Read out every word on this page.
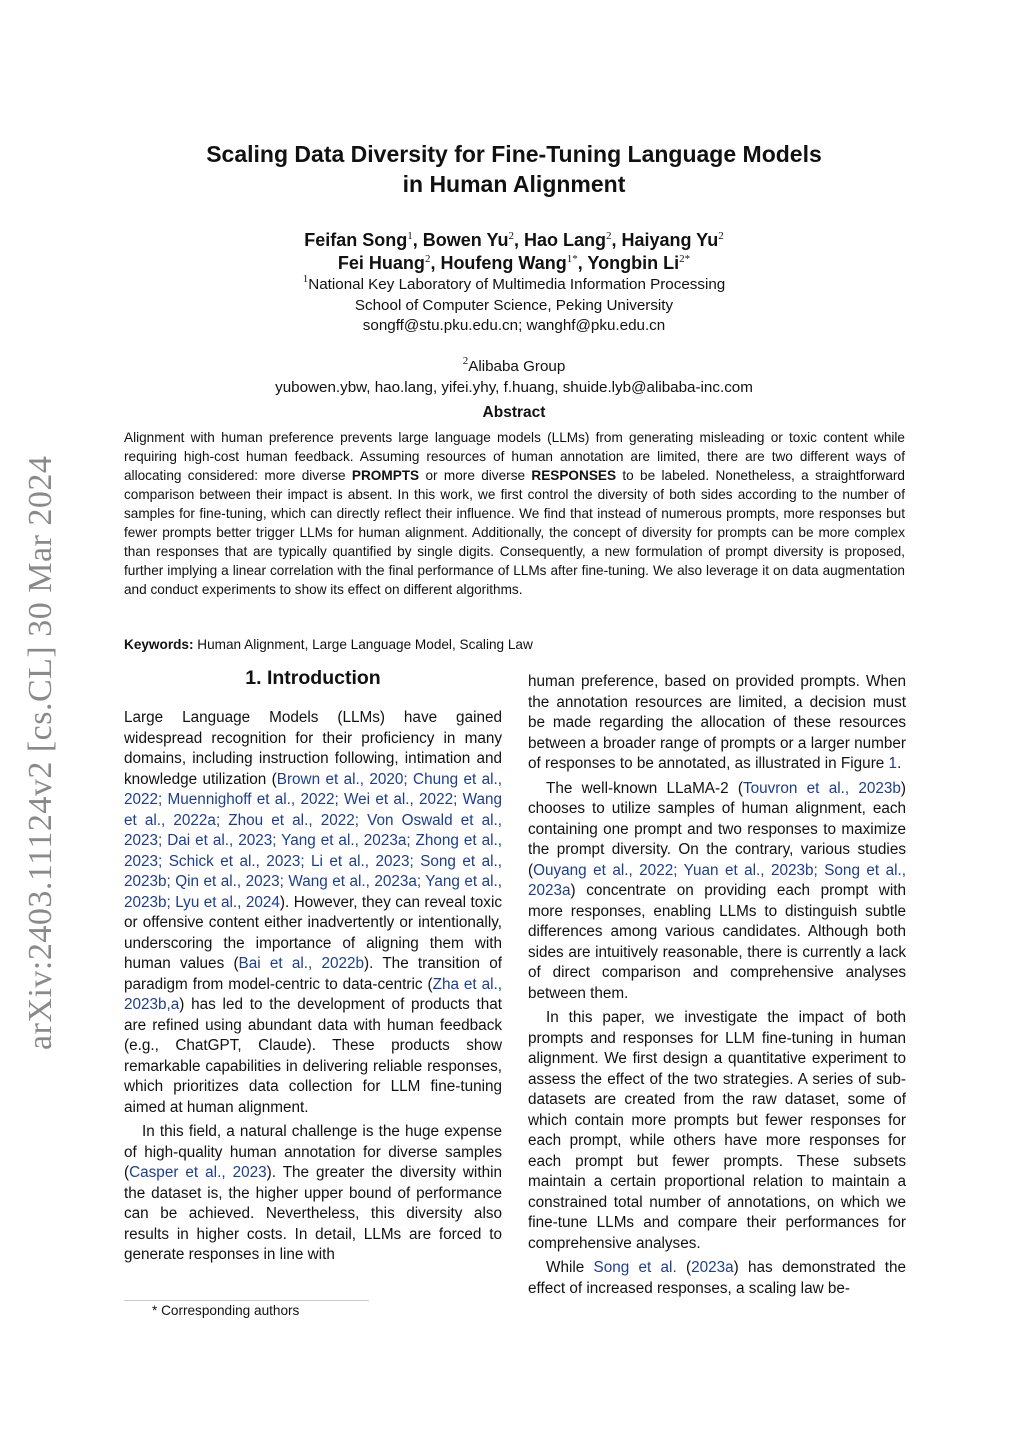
arXiv:2403.11124v2 [cs.CL] 30 Mar 2024
Scaling Data Diversity for Fine-Tuning Language Models
in Human Alignment
Feifan Song$^1$, Bowen Yu$^2$, Hao Lang$^2$, Haiyang Yu$^2$
Fei Huang$^2$, Houfeng Wang$^{1*}$, Yongbin $Li^{2*}$
$^1$National Key Laboratory of Multimedia Information Processing
School of Computer Science, Peking University
songff@stu.pku.edu.cn; wanghf@pku.edu.cn
$^2$Alibaba Group
yubowen.ybw, hao.lang, yifei.yhy, f.huang, shuide.lyb@alibaba-inc.com
Abstract
Alignment with human preference prevents large language models (LLMs) from generating misleading or toxic content while requiring high-cost human feedback. Assuming resources of human annotation are limited, there are two different ways of allocating considered: more diverse PROMPTS or more diverse RESPONSES to be labeled. Nonetheless, a straightforward comparison between their impact is absent. In this work, we first control the diversity of both sides according to the number of samples for fine-tuning, which can directly reflect their influence. We find that instead of numerous prompts, more responses but fewer prompts better trigger LLMs for human alignment. Additionally, the concept of diversity for prompts can be more complex than responses that are typically quantified by single digits. Consequently, a new formulation of prompt diversity is proposed, further implying a linear correlation with the final performance of LLMs after fine-tuning. We also leverage it on data augmentation and conduct experiments to show its effect on different algorithms.
Keywords: Human Alignment, Large Language Model, Scaling Law
1. Introduction

Large Language Models (LLMs) have gained widespread recognition for their proficiency in many domains, including instruction following, intimation and knowledge utilization (Brown et al., 2020; Chung et al., 2022; Muennighoff et al., 2022; Wei et al., 2022; Wang et al., 2022a; Zhou et al., 2022; Von Oswald et al., 2023; Dai et al., 2023; Yang et al., 2023a; Zhong et al., 2023; Schick et al., 2023; Li et al., 2023; Song et al., 2023b; Qin et al., 2023; Wang et al., 2023a; Yang et al., 2023b; Lyu et al., 2024). However, they can reveal toxic or offensive content either inadvertently or intentionally, underscoring the importance of aligning them with human values (Bai et al., 2022b). The transition of paradigm from model-centric to data-centric (Zha et al., 2023b,a) has led to the development of products that are refined using abundant data with human feedback (e.g., ChatGPT, Claude). These products show remarkable capabilities in delivering reliable responses, which prioritizes data collection for LLM fine-tuning aimed at human alignment.

In this field, a natural challenge is the huge expense of high-quality human annotation for diverse samples (Casper et al., 2023). The greater the diversity within the dataset is, the higher upper bound of performance can be achieved. Nevertheless, this diversity also results in higher costs. In detail, LLMs are forced to generate responses in line with

human preference, based on provided prompts. When the annotation resources are limited, a decision must be made regarding the allocation of these resources between a broader range of prompts or a larger number of responses to be annotated, as illustrated in Figure 1.

The well-known LLaMA-2 (Touvron et al., 2023b) chooses to utilize samples of human alignment, each containing one prompt and two responses to maximize the prompt diversity. On the contrary, various studies (Ouyang et al., 2022; Yuan et al., 2023b; Song et al., 2023a) concentrate on providing each prompt with more responses, enabling LLMs to distinguish subtle differences among various candidates. Although both sides are intuitively reasonable, there is currently a lack of direct comparison and comprehensive analyses between them.

In this paper, we investigate the impact of both prompts and responses for LLM fine-tuning in human alignment. We first design a quantitative experiment to assess the effect of the two strategies. A series of sub-datasets are created from the raw dataset, some of which contain more prompts but fewer responses for each prompt, while others have more responses for each prompt but fewer prompts. These subsets maintain a certain proportional relation to maintain a constrained total number of annotations, on which we fine-tune LLMs and compare their performances for comprehensive analyses.

While Song et al. (2023a) has demonstrated the effect of increased responses, a scaling law be-

* Corresponding authors
